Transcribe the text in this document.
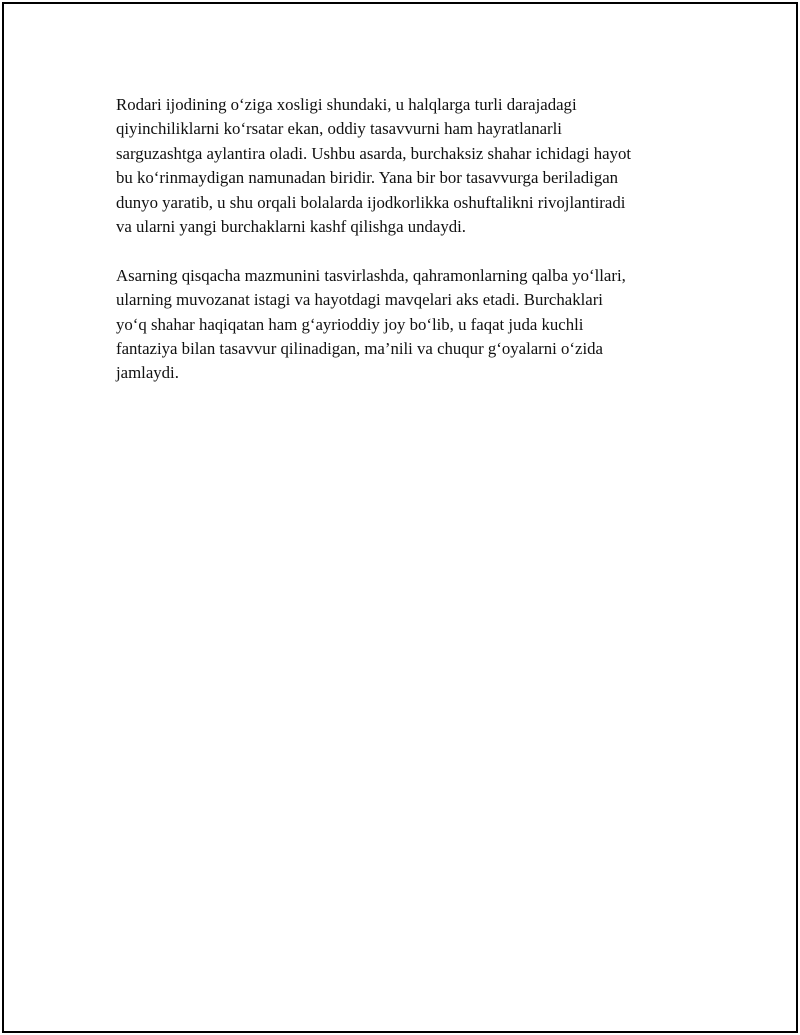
Rodari ijodining o‘ziga xosligi shundaki, u halqlarga turli darajadagi
qiyinchiliklarni ko‘rsatar ekan, oddiy tasavvurni ham hayratlanarli
sarguzashtga aylantira oladi. Ushbu asarda, burchaksiz shahar ichidagi hayot
bu ko‘rinmaydigan namunadan biridir. Yana bir bor tasavvurga beriladigan
dunyo yaratib, u shu orqali bolalarda ijodkorlikka oshuftalikni rivojlantiradi
va ularni yangi burchaklarni kashf qilishga undaydi.

Asarning qisqacha mazmunini tasvirlashda, qahramonlarning qalba yo‘llari,
ularning muvozanat istagi va hayotdagi mavqelari aks etadi. Burchaklari
yo‘q shahar haqiqatan ham g‘ayrioddiy joy bo‘lib, u faqat juda kuchli
fantaziya bilan tasavvur qilinadigan, ma’nili va chuqur g‘oyalarni o‘zida
jamlaydi.
